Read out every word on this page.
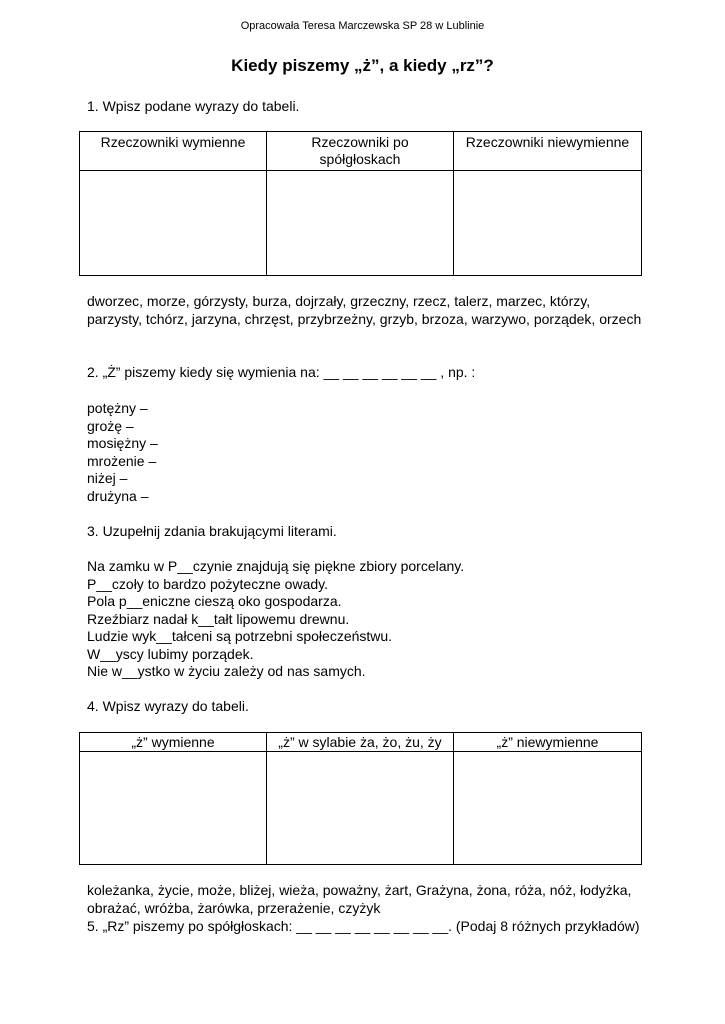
Opracowała Teresa Marczewska SP 28 w Lublinie
Kiedy piszemy „ż”, a kiedy „rz”?
1. Wpisz podane wyrazy do tabeli.
Rzeczowniki wymienne	Rzeczowniki po spółgłoskach	Rzeczowniki niewymienne

dworzec, morze, górzysty, burza, dojrzały, grzeczny, rzecz, talerz, marzec, którzy, parzysty, tchórz, jarzyna, chrzęst, przybrzeżny, grzyb, brzoza, warzywo, porządek, orzech

2. „Ż” piszemy kiedy się wymienia na: __ __ __ __ __ __ , np. :
potężny –
grożę –
mosiężny –
mrożenie –
niżej –
drużyna –
3. Uzupełnij zdania brakującymi literami.
Na zamku w P__czynie znajdują się piękne zbiory porcelany.
P__czoły to bardzo pożyteczne owady.
Pola p__eniczne cieszą oko gospodarza.
Rzeźbiarz nadał k__tałt lipowemu drewnu.
Ludzie wyk__tałceni są potrzebni społeczeństwu.
W__yscy lubimy porządek.
Nie w__ystko w życiu zależy od nas samych.
4. Wpisz wyrazy do tabeli.
„ż” wymienne	„ż” w sylabie ża, żo, żu, ży	„ż” niewymienne

koleżanka, życie, może, bliżej, wieża, poważny, żart, Grażyna, żona, róża, nóż, łodyżka, obrażać, wróżba, żarówka, przerażenie, czyżyk

5. „Rz” piszemy po spółgłoskach: __ __ __ __ __ __ __ __. (Podaj 8 różnych przykładów)
